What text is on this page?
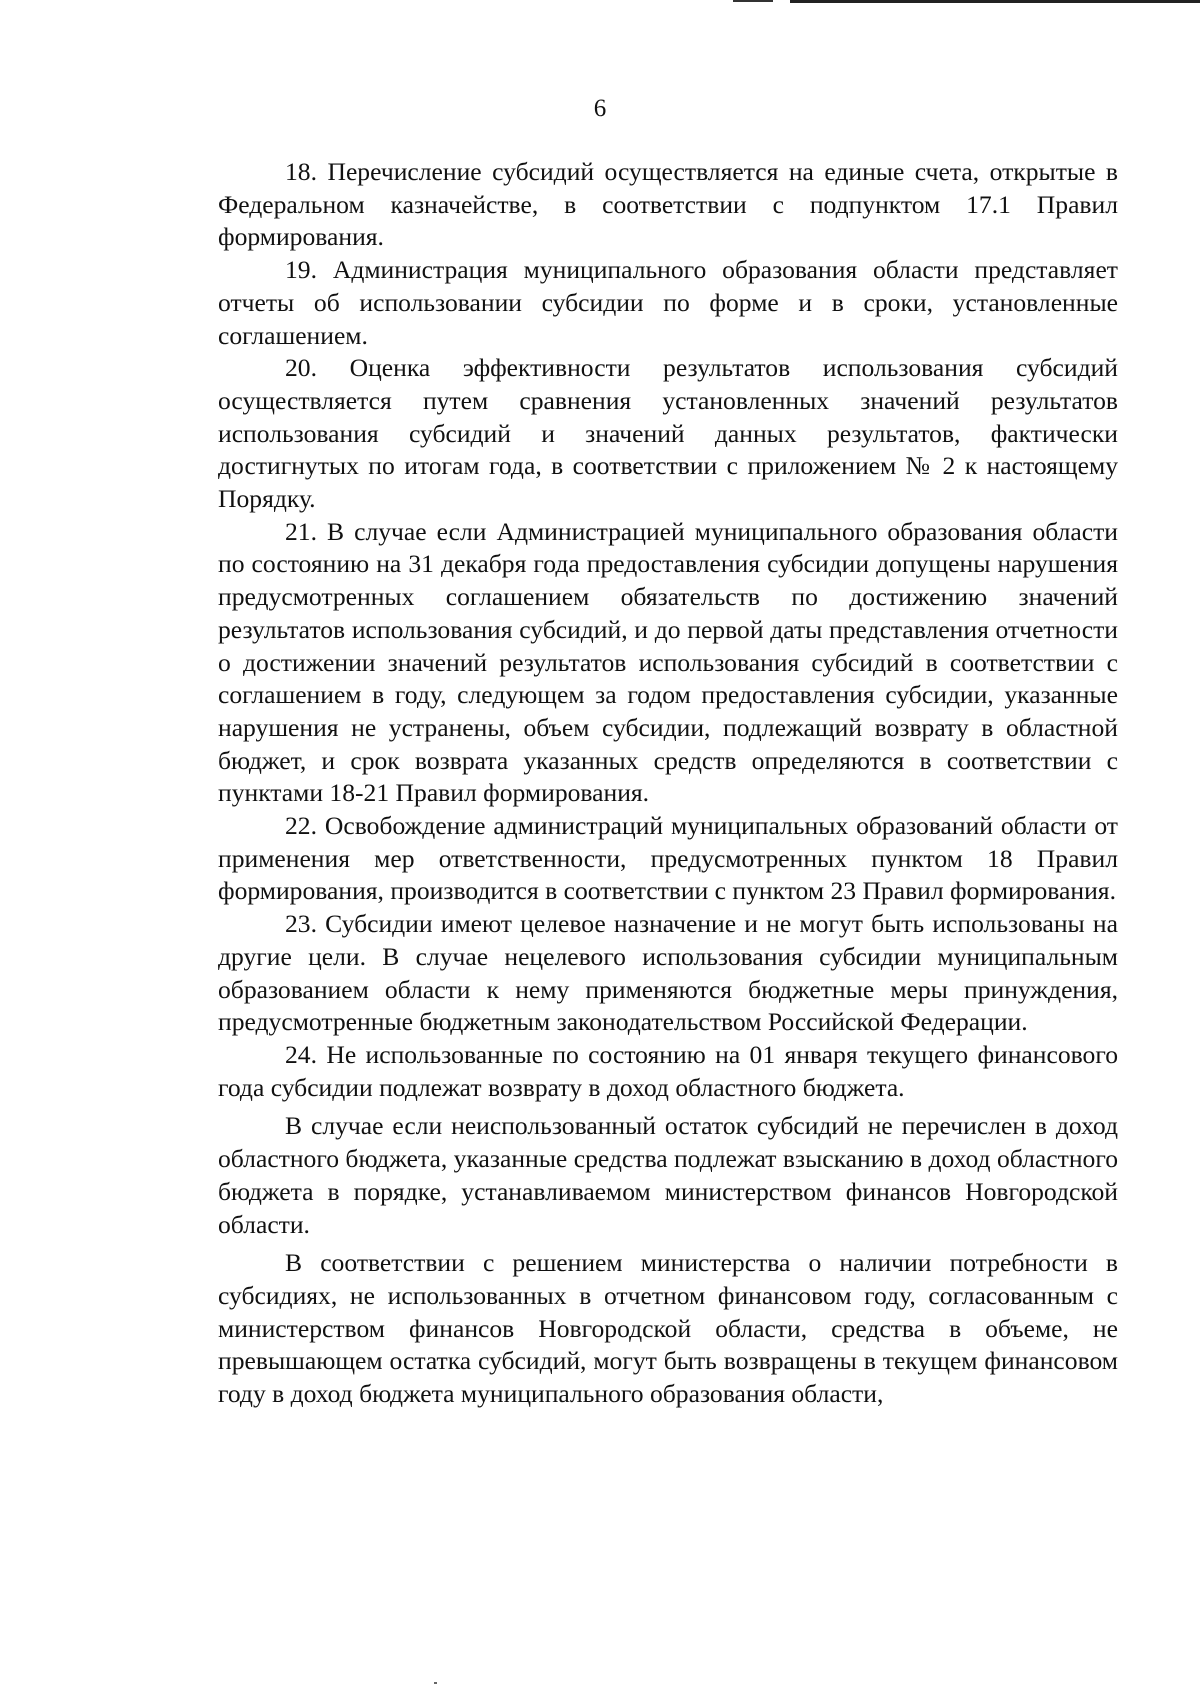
6

18. Перечисление субсидий осуществляется на единые счета, открытые в Федеральном казначействе, в соответствии с подпунктом 17.1 Правил формирования.

19. Администрация муниципального образования области представляет отчеты об использовании субсидии по форме и в сроки, установленные соглашением.

20. Оценка эффективности результатов использования субсидий осуществляется путем сравнения установленных значений результатов использования субсидий и значений данных результатов, фактически достигнутых по итогам года, в соответствии с приложением № 2 к настоящему Порядку.

21. В случае если Администрацией муниципального образования области по состоянию на 31 декабря года предоставления субсидии допущены нарушения предусмотренных соглашением обязательств по достижению значений результатов использования субсидий, и до первой даты представления отчетности о достижении значений результатов использования субсидий в соответствии с соглашением в году, следующем за годом предоставления субсидии, указанные нарушения не устранены, объем субсидии, подлежащий возврату в областной бюджет, и срок возврата указанных средств определяются в соответствии с пунктами 18-21 Правил формирования.

22. Освобождение администраций муниципальных образований области от применения мер ответственности, предусмотренных пунктом 18 Правил формирования, производится в соответствии с пунктом 23 Правил формирования.

23. Субсидии имеют целевое назначение и не могут быть использованы на другие цели. В случае нецелевого использования субсидии муниципальным образованием области к нему применяются бюджетные меры принуждения, предусмотренные бюджетным законодательством Российской Федерации.

24. Не использованные по состоянию на 01 января текущего финансового года субсидии подлежат возврату в доход областного бюджета.

В случае если неиспользованный остаток субсидий не перечислен в доход областного бюджета, указанные средства подлежат взысканию в доход областного бюджета в порядке, устанавливаемом министерством финансов Новгородской области.

В соответствии с решением министерства о наличии потребности в субсидиях, не использованных в отчетном финансовом году, согласованным с министерством финансов Новгородской области, средства в объеме, не превышающем остатка субсидий, могут быть возвращены в текущем финансовом году в доход бюджета муниципального образования области,
